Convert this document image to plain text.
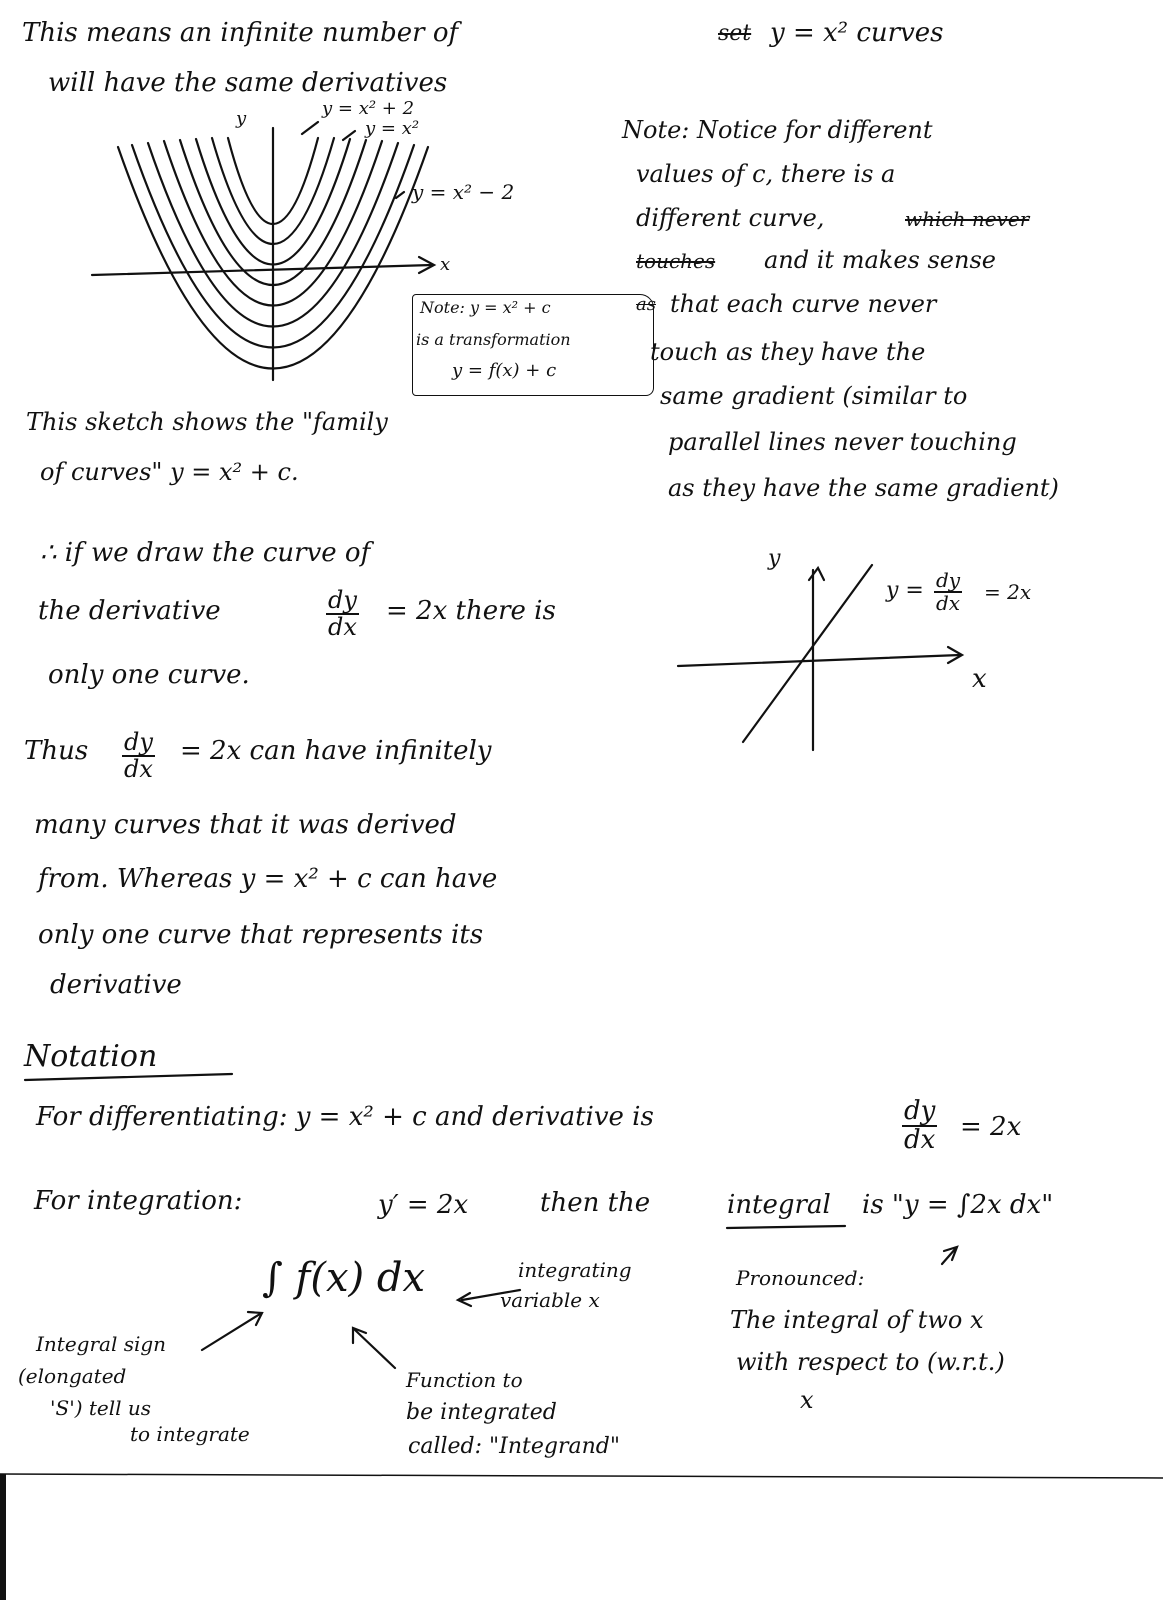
This means an infinite number of	set y = x² curves
will have the same derivatives
y
x
y = x² + 2
y = x²
y = x² − 2
Note: y = x² + c
is a transformation
y = f(x) + c
Note: Notice for different
values of c, there is a
different curve,	which never
touches and it makes sense
as that each curve never
touch as they have the
same gradient (similar to
parallel lines never touching
as they have the same gradient)
This sketch shows the "family
of curves" y = x² + c.
∴ if we draw the curve of
the derivative	$\frac{dy}{dx} = 2x$ there is
only one curve.
y
x
$y = \frac{dy}{dx} = 2x$
Thus $\frac{dy}{dx} = 2x$ can have infinitely
many curves that it was derived
from. Whereas y = x² + c can have
only one curve that represents its
derivative
Notation
For differentiating: y = x² + c and derivative is	$\frac{dy}{dx} = 2x$
For integration:	y′ = 2x	then the	integral is "y = ∫2x dx"
∫ f(x) dx	integrating
variable x
Pronounced:
The integral of two x
with respect to (w.r.t.)
x
Integral sign
(elongated
'S') tell us
to integrate
Function to
be integrated
called: "Integrand"
